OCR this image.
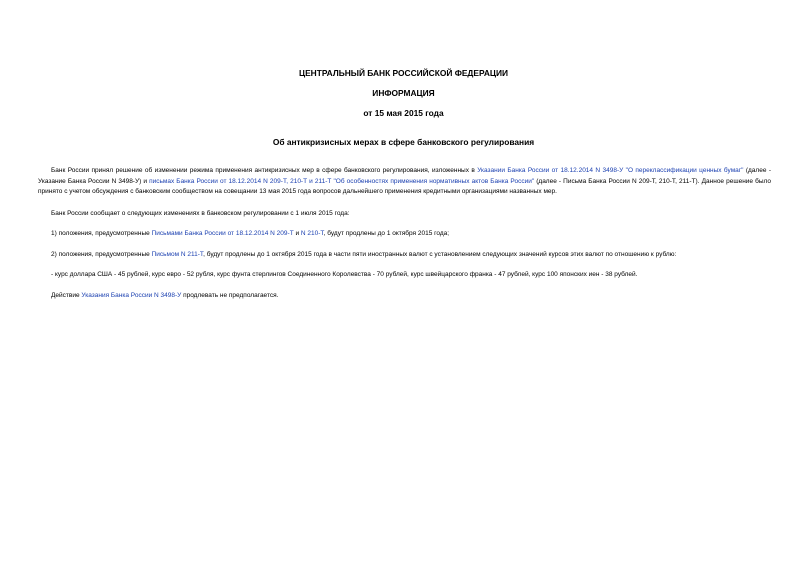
ЦЕНТРАЛЬНЫЙ БАНК РОССИЙСКОЙ ФЕДЕРАЦИИ
ИНФОРМАЦИЯ
от 15 мая 2015 года
Об антикризисных мерах в сфере банковского регулирования
Банк России принял решение об изменении режима применения антикризисных мер в сфере банковского регулирования, изложенных в Указании Банка России от 18.12.2014 N 3498-У "О переклассификации ценных бумаг" (далее - Указание Банка России N 3498-У) и письмах Банка России от 18.12.2014 N 209-Т, 210-Т и 211-Т "Об особенностях применения нормативных актов Банка России" (далее - Письма Банка России N 209-Т, 210-Т, 211-Т). Данное решение было принято с учетом обсуждения с банковским сообществом на совещании 13 мая 2015 года вопросов дальнейшего применения кредитными организациями названных мер.
Банк России сообщает о следующих изменениях в банковском регулировании с 1 июля 2015 года:
1) положения, предусмотренные Письмами Банка России от 18.12.2014 N 209-Т и N 210-Т, будут продлены до 1 октября 2015 года;
2) положения, предусмотренные Письмом N 211-Т, будут продлены до 1 октября 2015 года в части пяти иностранных валют с установлением следующих значений курсов этих валют по отношению к рублю:
- курс доллара США - 45 рублей, курс евро - 52 рубля, курс фунта стерлингов Соединенного Королевства - 70 рублей, курс швейцарского франка - 47 рублей, курс 100 японских иен - 38 рублей.
Действие Указания Банка России N 3498-У продлевать не предполагается.
